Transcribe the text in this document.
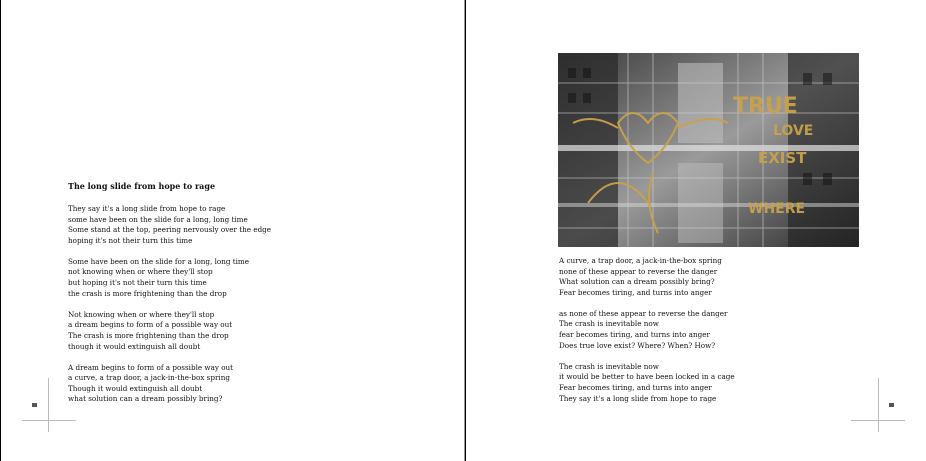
The long slide from hope to rage
They say it's a long slide from hope to rage
some have been on the slide for a long, long time
Some stand at the top, peering nervously over the edge
hoping it's not their turn this time
Some have been on the slide for a long, long time
not knowing when or where they'll stop
but hoping it's not their turn this time
the crash is more frightening than the drop
Not knowing when or where they'll stop
a dream begins to form of a possible way out
The crash is more frightening than the drop
though it would extinguish all doubt
A dream begins to form of a possible way out
a curve, a trap door, a jack-in-the-box spring
Though it would extinguish all doubt
what solution can a dream possibly bring?
TRUE
LOVE
EXIST
WHERE
A curve, a trap door, a jack-in-the-box spring
none of these appear to reverse the danger
What solution can a dream possibly bring?
Fear becomes tiring, and turns into anger
as none of these appear to reverse the danger
The crash is inevitable now
fear becomes tiring, and turns into anger
Does true love exist? Where? When? How?
The crash is inevitable now
it would be better to have been locked in a cage
Fear becomes tiring, and turns into anger
They say it's a long slide from hope to rage
